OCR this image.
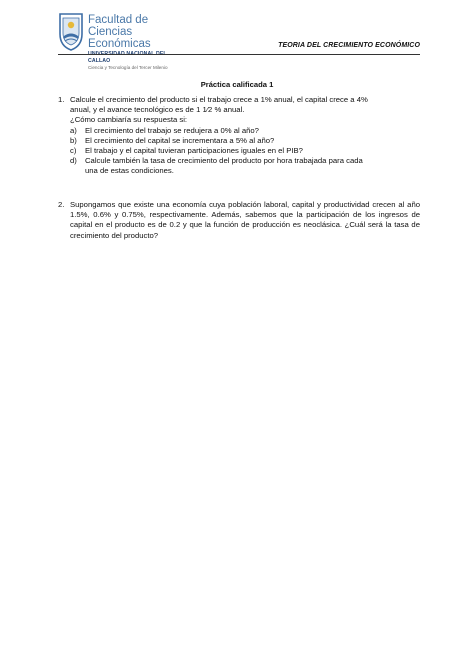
Facultad de
Ciencias Económicas
UNIVERSIDAD NACIONAL DEL CALLAO
Ciencia y Tecnología del Tercer Milenio
TEORIA DEL CRECIMIENTO ECONÓMICO
Práctica calificada 1
1. Calcule el crecimiento del producto si el trabajo crece a 1% anual, el capital crece a 4%
anual, y el avance tecnológico es de 1 1⁄2 % anual.
¿Cómo cambiaría su respuesta si:
a) El crecimiento del trabajo se redujera a 0% al año?
b) El crecimiento del capital se incrementara a 5% al año?
c) El trabajo y el capital tuvieran participaciones iguales en el PIB?
d) Calcule también la tasa de crecimiento del producto por hora trabajada para cada
una de estas condiciones.
2. Supongamos que existe una economía cuya población laboral, capital y productividad crecen al año 1.5%, 0.6% y 0.75%, respectivamente. Además, sabemos que la participación de los ingresos de capital en el producto es de 0.2 y que la función de producción es neoclásica. ¿Cuál será la tasa de crecimiento del producto?
